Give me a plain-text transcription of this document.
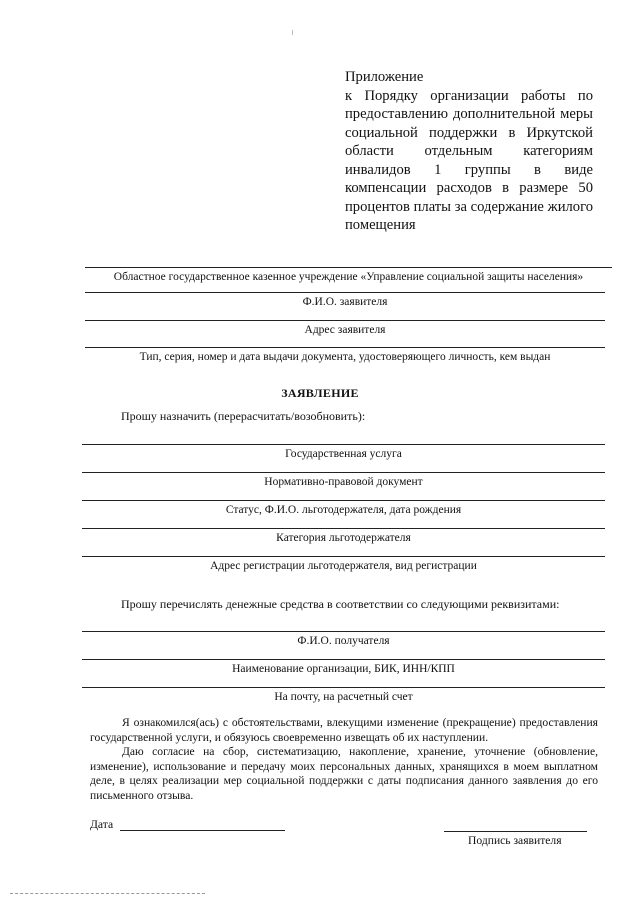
Приложение
к Порядку организации работы по предоставлению дополнительной меры социальной поддержки в Иркутской области отдельным категориям инвалидов 1 группы в виде компенсации расходов в размере 50 процентов платы за содержание жилого помещения
Областное государственное казенное учреждение «Управление социальной защиты населения»
Ф.И.О. заявителя
Адрес заявителя
Тип, серия, номер и дата выдачи документа, удостоверяющего личность, кем выдан
ЗАЯВЛЕНИЕ
Прошу назначить (перерасчитать/возобновить):
Государственная услуга
Нормативно-правовой документ
Статус, Ф.И.О. льготодержателя, дата рождения
Категория льготодержателя
Адрес регистрации льготодержателя, вид регистрации
Прошу перечислять денежные средства в соответствии со следующими реквизитами:
Ф.И.О. получателя
Наименование организации, БИК, ИНН/КПП
На почту, на расчетный счет
Я ознакомился(ась) с обстоятельствами, влекущими изменение (прекращение) предоставления государственной услуги, и обязуюсь своевременно извещать об их наступлении.
Даю согласие на сбор, систематизацию, накопление, хранение, уточнение (обновление, изменение), использование и передачу моих персональных данных, хранящихся в моем выплатном деле, в целях реализации мер социальной поддержки с даты подписания данного заявления до его письменного отзыва.
Дата
Подпись заявителя
